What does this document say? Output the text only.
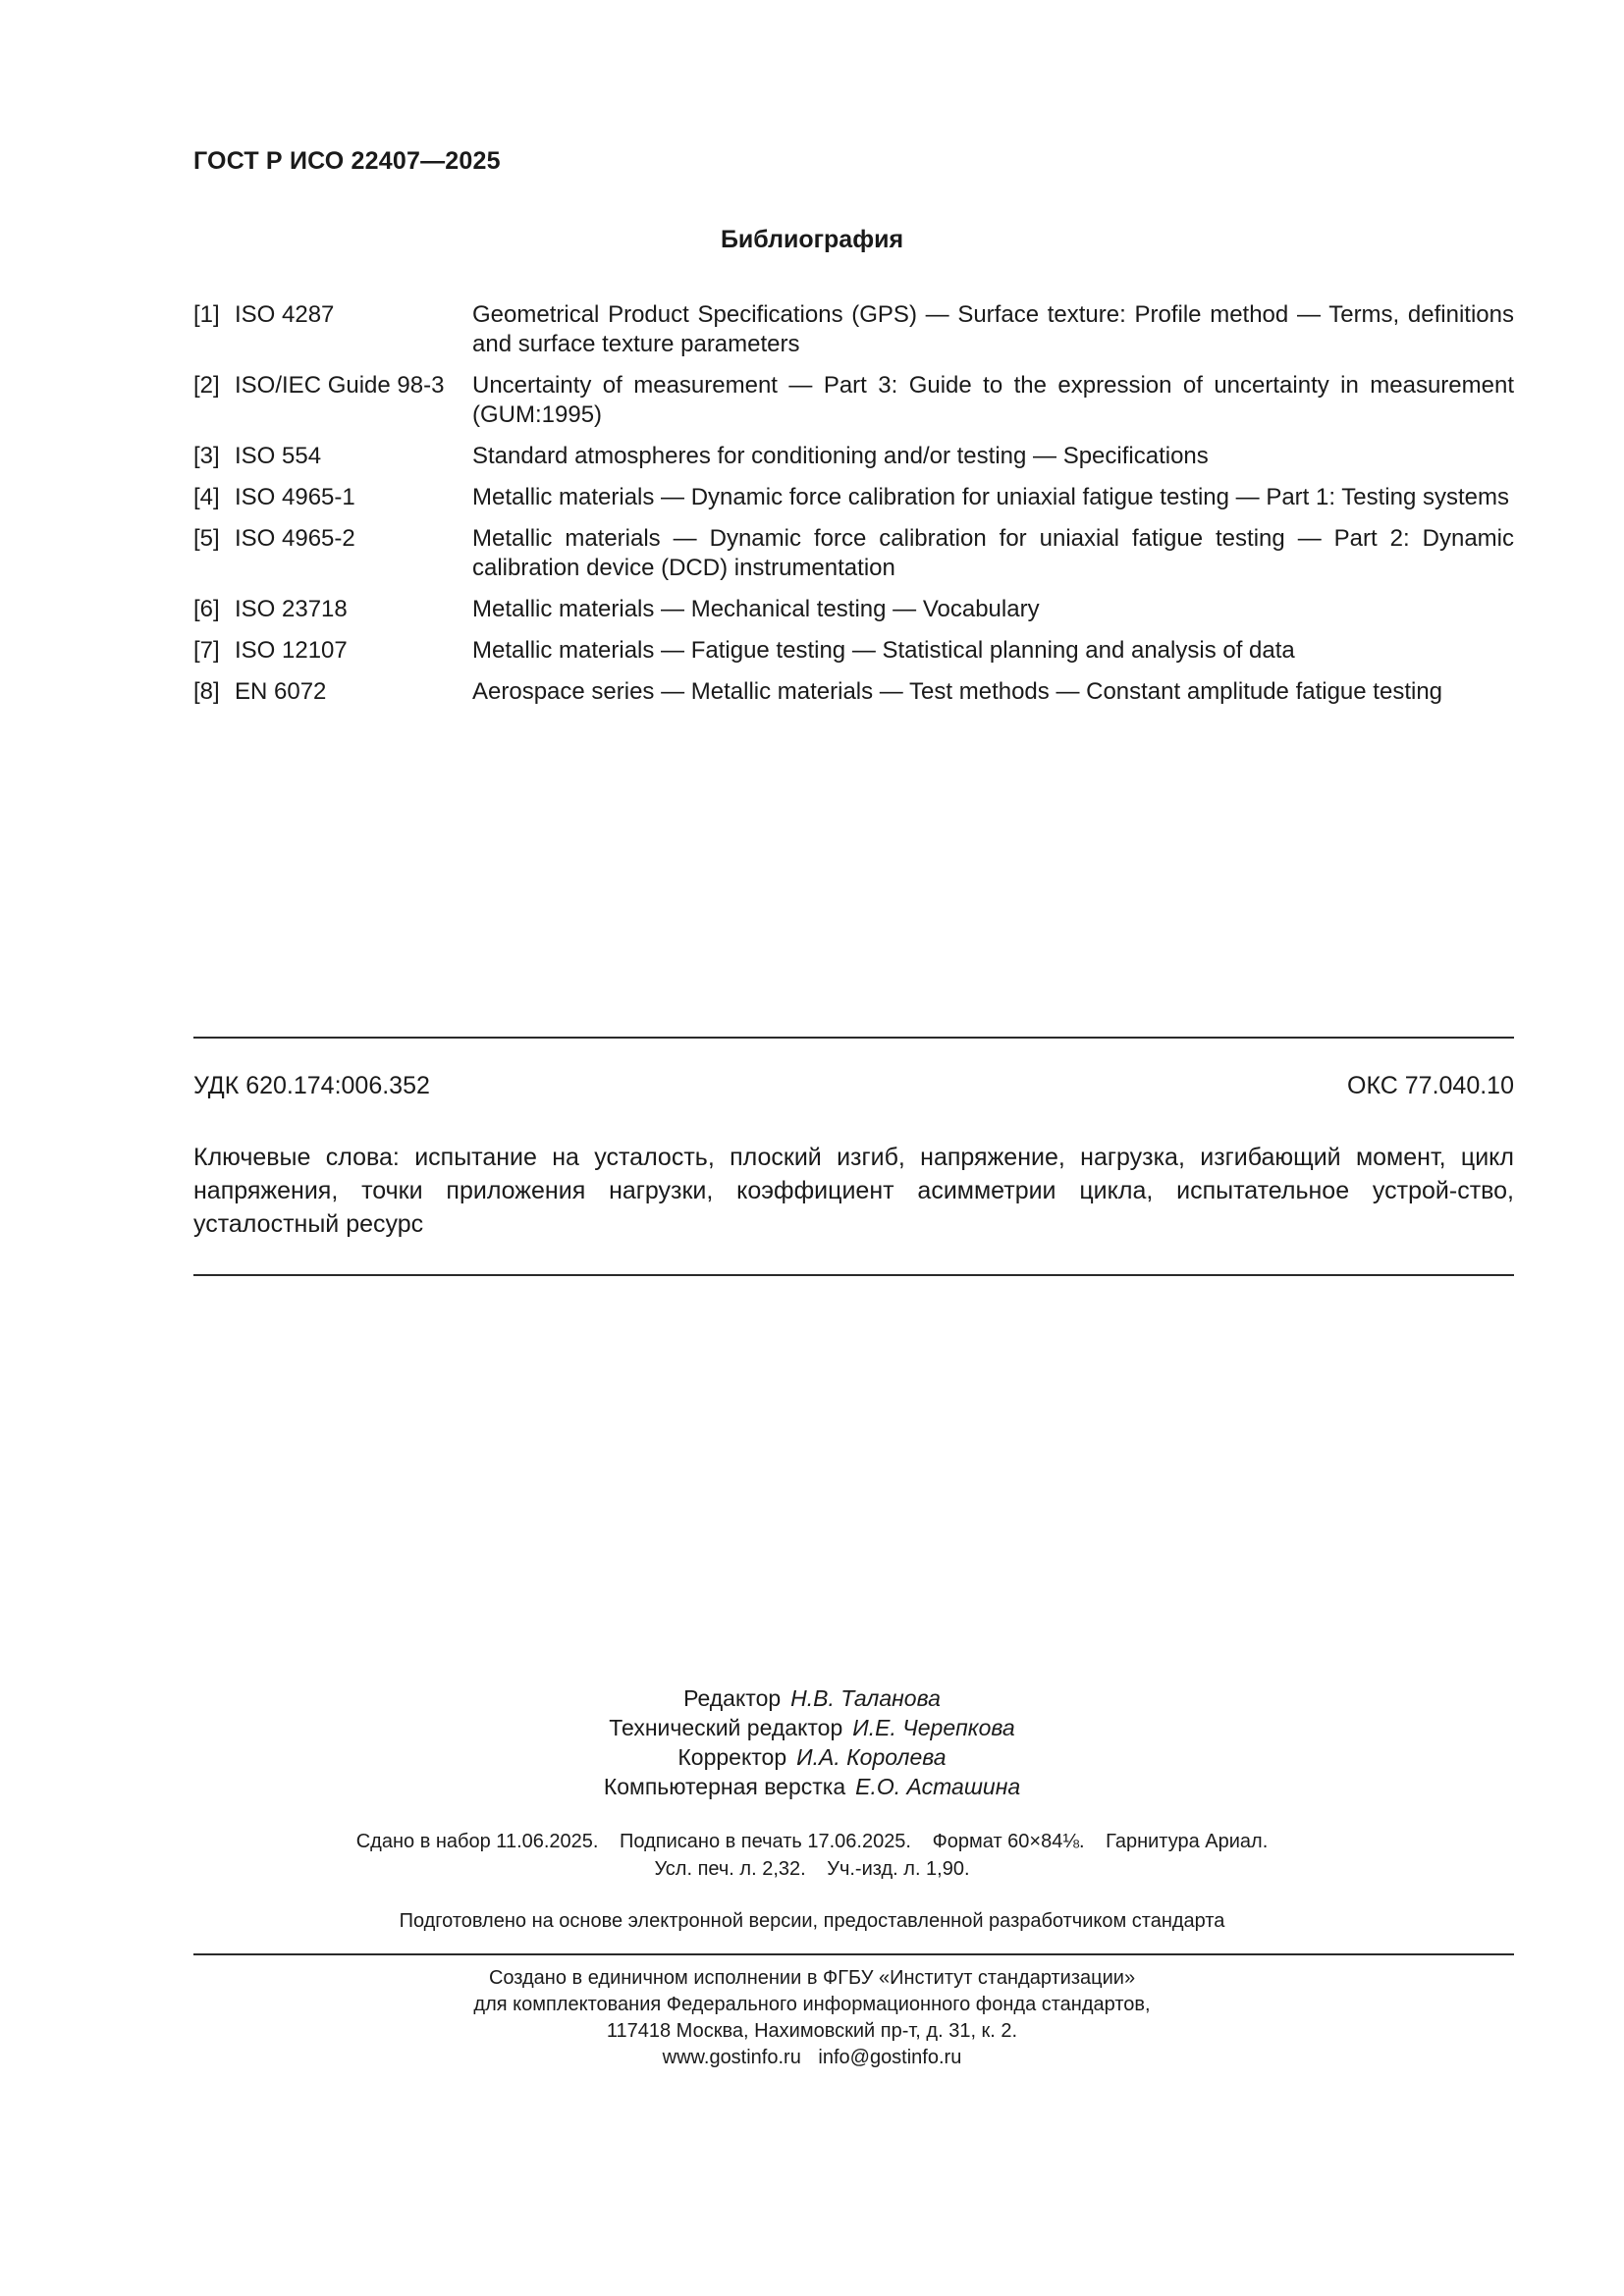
ГОСТ Р ИСО 22407—2025
Библиография
[1] ISO 4287	Geometrical Product Specifications (GPS) — Surface texture: Profile method — Terms, definitions and surface texture parameters
[2] ISO/IEC Guide 98-3	Uncertainty of measurement — Part 3: Guide to the expression of uncertainty in measurement (GUM:1995)
[3] ISO 554	Standard atmospheres for conditioning and/or testing — Specifications
[4] ISO 4965-1	Metallic materials — Dynamic force calibration for uniaxial fatigue testing — Part 1: Testing systems
[5] ISO 4965-2	Metallic materials — Dynamic force calibration for uniaxial fatigue testing — Part 2: Dynamic calibration device (DCD) instrumentation
[6] ISO 23718	Metallic materials — Mechanical testing — Vocabulary
[7] ISO 12107	Metallic materials — Fatigue testing — Statistical planning and analysis of data
[8] EN 6072	Aerospace series — Metallic materials — Test methods — Constant amplitude fatigue testing
УДК 620.174:006.352	ОКС 77.040.10
Ключевые слова: испытание на усталость, плоский изгиб, напряжение, нагрузка, изгибающий момент, цикл напряжения, точки приложения нагрузки, коэффициент асимметрии цикла, испытательное устрой-ство, усталостный ресурс
Редактор Н.В. Таланова
Технический редактор И.Е. Черепкова
Корректор И.А. Королева
Компьютерная верстка Е.О. Асташина
Сдано в набор 11.06.2025. Подписано в печать 17.06.2025. Формат 60×84⅛. Гарнитура Ариал.
Усл. печ. л. 2,32. Уч.-изд. л. 1,90.
Подготовлено на основе электронной версии, предоставленной разработчиком стандарта
Создано в единичном исполнении в ФГБУ «Институт стандартизации»
для комплектования Федерального информационного фонда стандартов,
117418 Москва, Нахимовский пр-т, д. 31, к. 2.
www.gostinfo.ru info@gostinfo.ru
